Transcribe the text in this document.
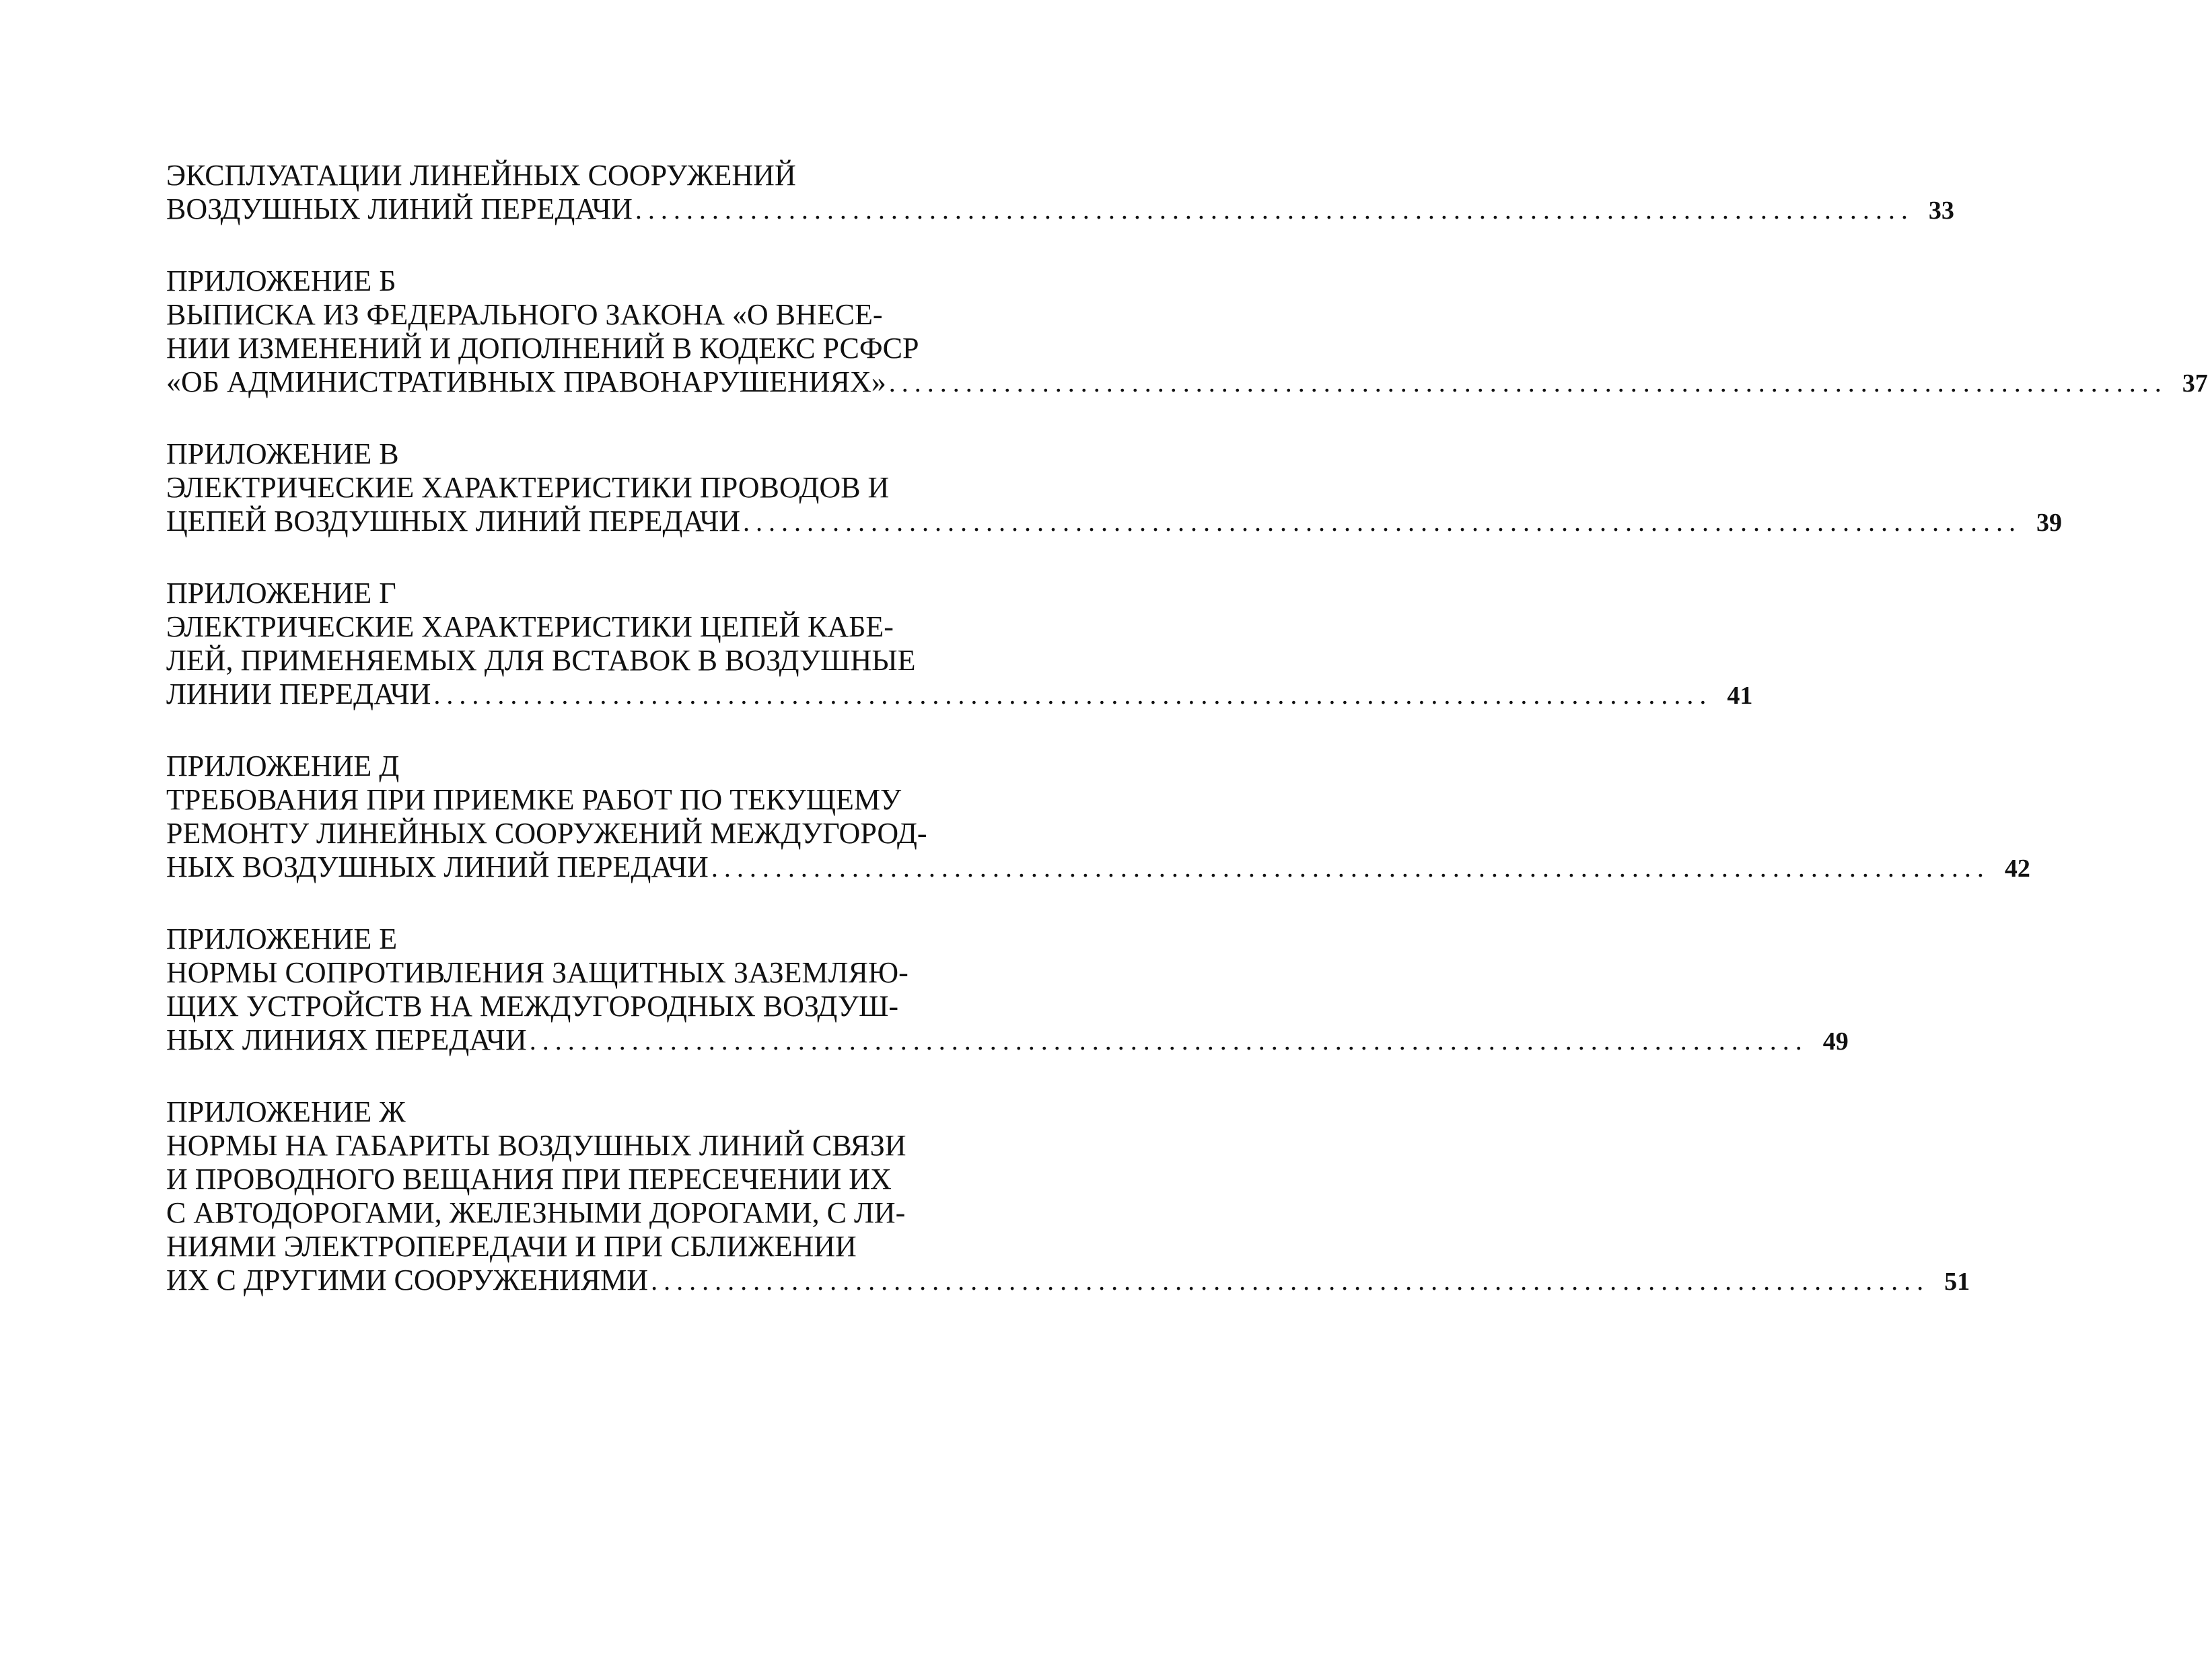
ЭКСПЛУАТАЦИИ ЛИНЕЙНЫХ СООРУЖЕНИЙ
ВОЗДУШНЫХ ЛИНИЙ ПЕРЕДАЧИ .................................................................................................... 33
ПРИЛОЖЕНИЕ Б
ВЫПИСКА ИЗ ФЕДЕРАЛЬНОГО ЗАКОНА «О ВНЕСЕ-
НИИ ИЗМЕНЕНИЙ И ДОПОЛНЕНИЙ В КОДЕКС РСФСР
«ОБ АДМИНИСТРАТИВНЫХ ПРАВОНАРУШЕНИЯХ» .................................................................................................... 37
ПРИЛОЖЕНИЕ В
ЭЛЕКТРИЧЕСКИЕ ХАРАКТЕРИСТИКИ ПРОВОДОВ И
ЦЕПЕЙ ВОЗДУШНЫХ ЛИНИЙ ПЕРЕДАЧИ .................................................................................................... 39
ПРИЛОЖЕНИЕ Г
ЭЛЕКТРИЧЕСКИЕ ХАРАКТЕРИСТИКИ ЦЕПЕЙ КАБЕ-
ЛЕЙ, ПРИМЕНЯЕМЫХ ДЛЯ ВСТАВОК В ВОЗДУШНЫЕ
ЛИНИИ ПЕРЕДАЧИ .................................................................................................... 41
ПРИЛОЖЕНИЕ Д
ТРЕБОВАНИЯ ПРИ ПРИЕМКЕ РАБОТ ПО ТЕКУЩЕМУ
РЕМОНТУ ЛИНЕЙНЫХ СООРУЖЕНИЙ МЕЖДУГОРОД-
НЫХ ВОЗДУШНЫХ ЛИНИЙ ПЕРЕДАЧИ .................................................................................................... 42
ПРИЛОЖЕНИЕ Е
НОРМЫ СОПРОТИВЛЕНИЯ ЗАЩИТНЫХ ЗАЗЕМЛЯЮ-
ЩИХ УСТРОЙСТВ НА МЕЖДУГОРОДНЫХ ВОЗДУШ-
НЫХ ЛИНИЯХ ПЕРЕДАЧИ .................................................................................................... 49
ПРИЛОЖЕНИЕ Ж
НОРМЫ НА ГАБАРИТЫ ВОЗДУШНЫХ ЛИНИЙ СВЯЗИ
И ПРОВОДНОГО ВЕЩАНИЯ ПРИ ПЕРЕСЕЧЕНИИ ИХ
С АВТОДОРОГАМИ, ЖЕЛЕЗНЫМИ ДОРОГАМИ, С ЛИ-
НИЯМИ ЭЛЕКТРОПЕРЕДАЧИ И ПРИ СБЛИЖЕНИИ
ИХ С ДРУГИМИ СООРУЖЕНИЯМИ .................................................................................................... 51
